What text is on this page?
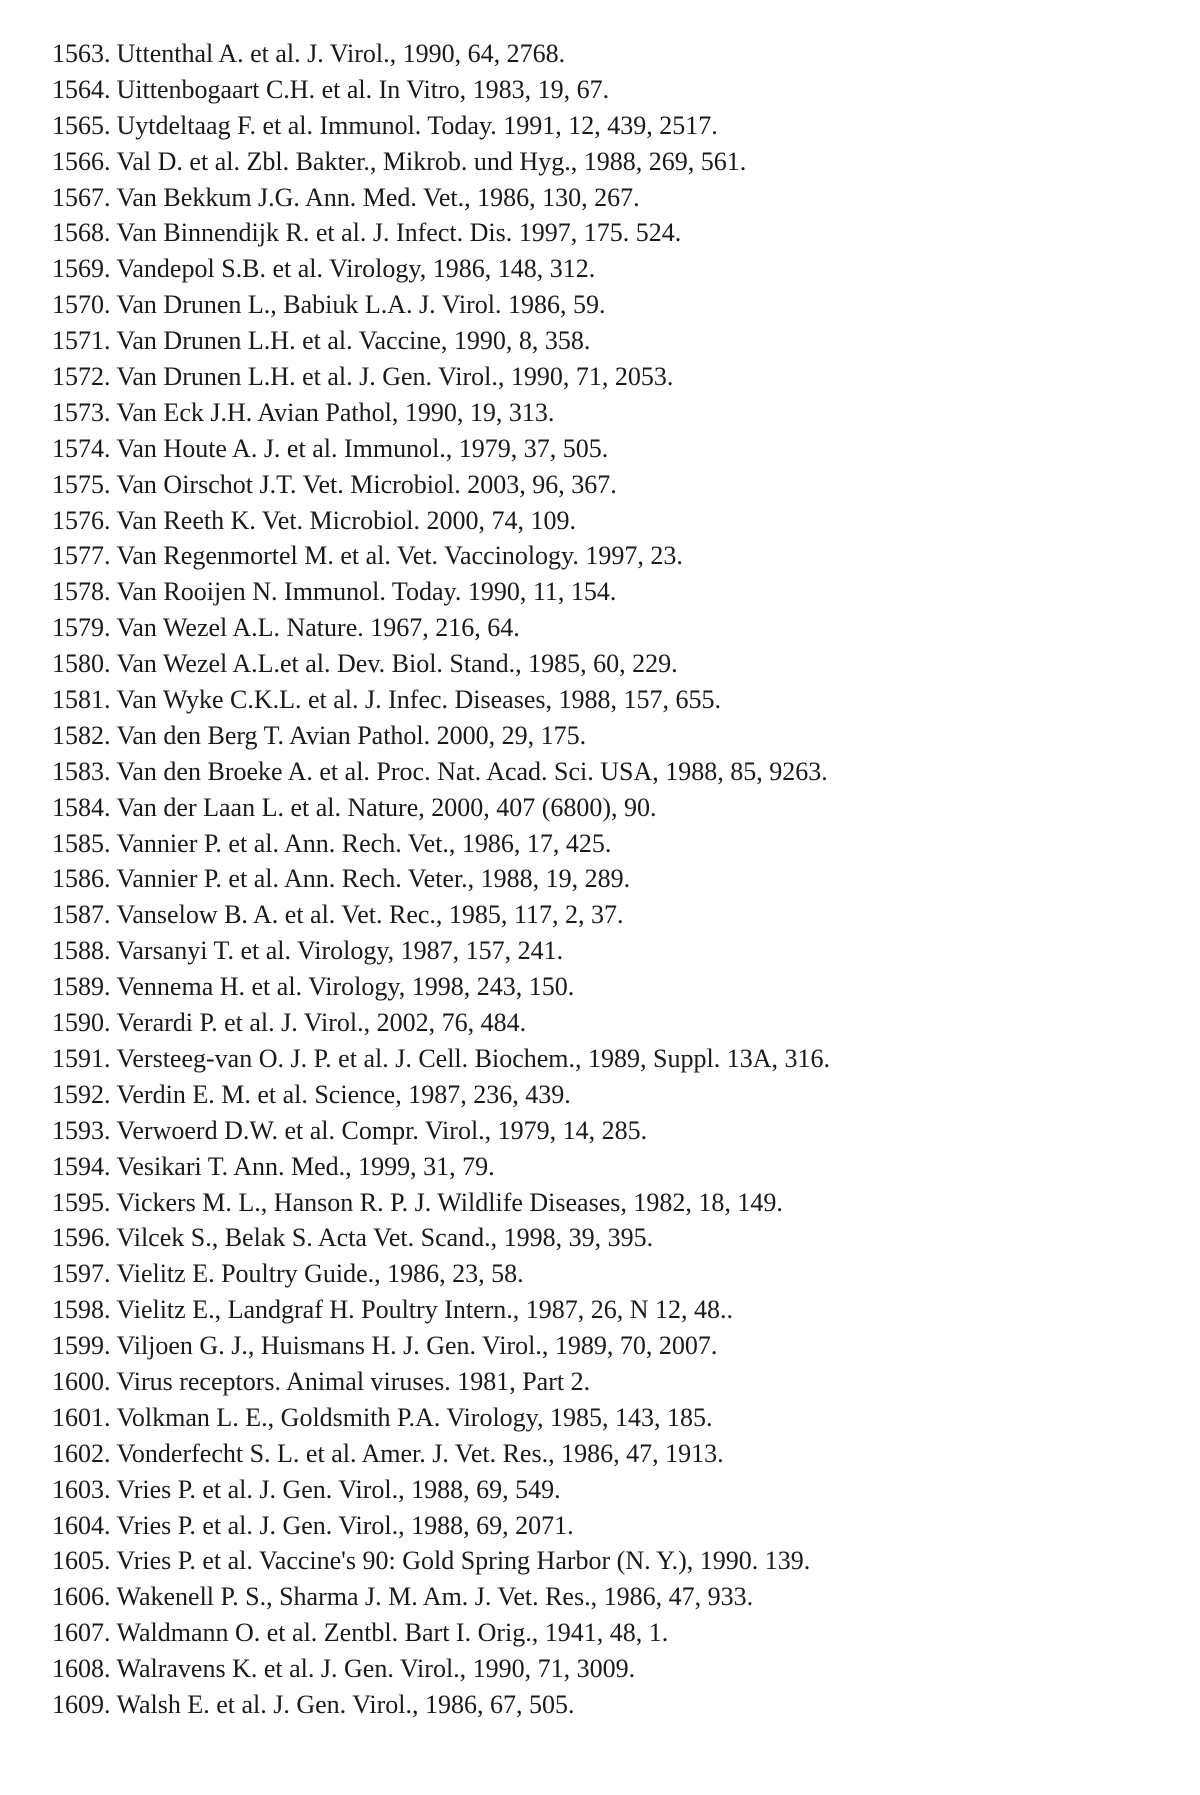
1563. Uttenthal A. et al. J. Virol., 1990, 64, 2768.
1564. Uittenbogaart C.H. et al. In Vitro, 1983, 19, 67.
1565. Uytdeltaag F. et al. Immunol. Today. 1991, 12, 439, 2517.
1566. Val D. et al. Zbl. Bakter., Mikrob. und Hyg., 1988, 269, 561.
1567. Van Bekkum J.G. Ann. Med. Vet., 1986, 130, 267.
1568. Van Binnendijk R. et al. J. Infect. Dis. 1997, 175. 524.
1569. Vandepol S.B. et al. Virology, 1986, 148, 312.
1570. Van Drunen L., Babiuk L.A. J. Virol. 1986, 59.
1571. Van Drunen L.H. et al. Vaccine, 1990, 8, 358.
1572. Van Drunen L.H. et al. J. Gen. Virol., 1990, 71, 2053.
1573. Van Eck J.H. Avian Pathol, 1990, 19, 313.
1574. Van Houte A. J. et al. Immunol., 1979, 37, 505.
1575. Van Oirschot J.T. Vet. Microbiol. 2003, 96, 367.
1576. Van Reeth K. Vet. Microbiol. 2000, 74, 109.
1577. Van Regenmortel M. et al. Vet. Vaccinology. 1997, 23.
1578. Van Rooijen N. Immunol. Today. 1990, 11, 154.
1579. Van Wezel A.L. Nature. 1967, 216, 64.
1580. Van Wezel A.L.et al. Dev. Biol. Stand., 1985, 60, 229.
1581. Van Wyke C.K.L. et al. J. Infec. Diseases, 1988, 157, 655.
1582. Van den Berg T. Avian Pathol. 2000, 29, 175.
1583. Van den Broeke A. et al. Proc. Nat. Acad. Sci. USA, 1988, 85, 9263.
1584. Van der Laan L. et al. Nature, 2000, 407 (6800), 90.
1585. Vannier P. et al. Ann. Rech. Vet., 1986, 17, 425.
1586. Vannier P. et al. Ann. Rech. Veter., 1988, 19, 289.
1587. Vanselow B. A. et al. Vet. Rec., 1985, 117, 2, 37.
1588. Varsanyi T. et al. Virology, 1987, 157, 241.
1589. Vennema H. et al. Virology, 1998, 243, 150.
1590. Verardi P. et al. J. Virol., 2002, 76, 484.
1591. Versteeg-van O. J. P. et al. J. Cell. Biochem., 1989, Suppl. 13A, 316.
1592. Verdin E. M. et al. Science, 1987, 236, 439.
1593. Verwoerd D.W. et al. Compr. Virol., 1979, 14, 285.
1594. Vesikari T. Ann. Med., 1999, 31, 79.
1595. Vickers M. L., Hanson R. P. J. Wildlife Diseases, 1982, 18, 149.
1596. Vilcek S., Belak S. Acta Vet. Scand., 1998, 39, 395.
1597. Vielitz E. Poultry Guide., 1986, 23, 58.
1598. Vielitz E., Landgraf H. Poultry Intern., 1987, 26, N 12, 48..
1599. Viljoen G. J., Huismans H. J. Gen. Virol., 1989, 70, 2007.
1600. Virus receptors. Animal viruses. 1981, Part 2.
1601. Volkman L. E., Goldsmith P.A. Virology, 1985, 143, 185.
1602. Vonderfecht S. L. et al. Amer. J. Vet. Res., 1986, 47, 1913.
1603. Vries P. et al. J. Gen. Virol., 1988, 69, 549.
1604. Vries P. et al. J. Gen. Virol., 1988, 69, 2071.
1605. Vries P. et al. Vaccine's 90: Gold Spring Harbor (N. Y.), 1990. 139.
1606. Wakenell P. S., Sharma J. M. Am. J. Vet. Res., 1986, 47, 933.
1607. Waldmann O. et al. Zentbl. Bart I. Orig., 1941, 48, 1.
1608. Walravens K. et al. J. Gen. Virol., 1990, 71, 3009.
1609. Walsh E. et al. J. Gen. Virol., 1986, 67, 505.
